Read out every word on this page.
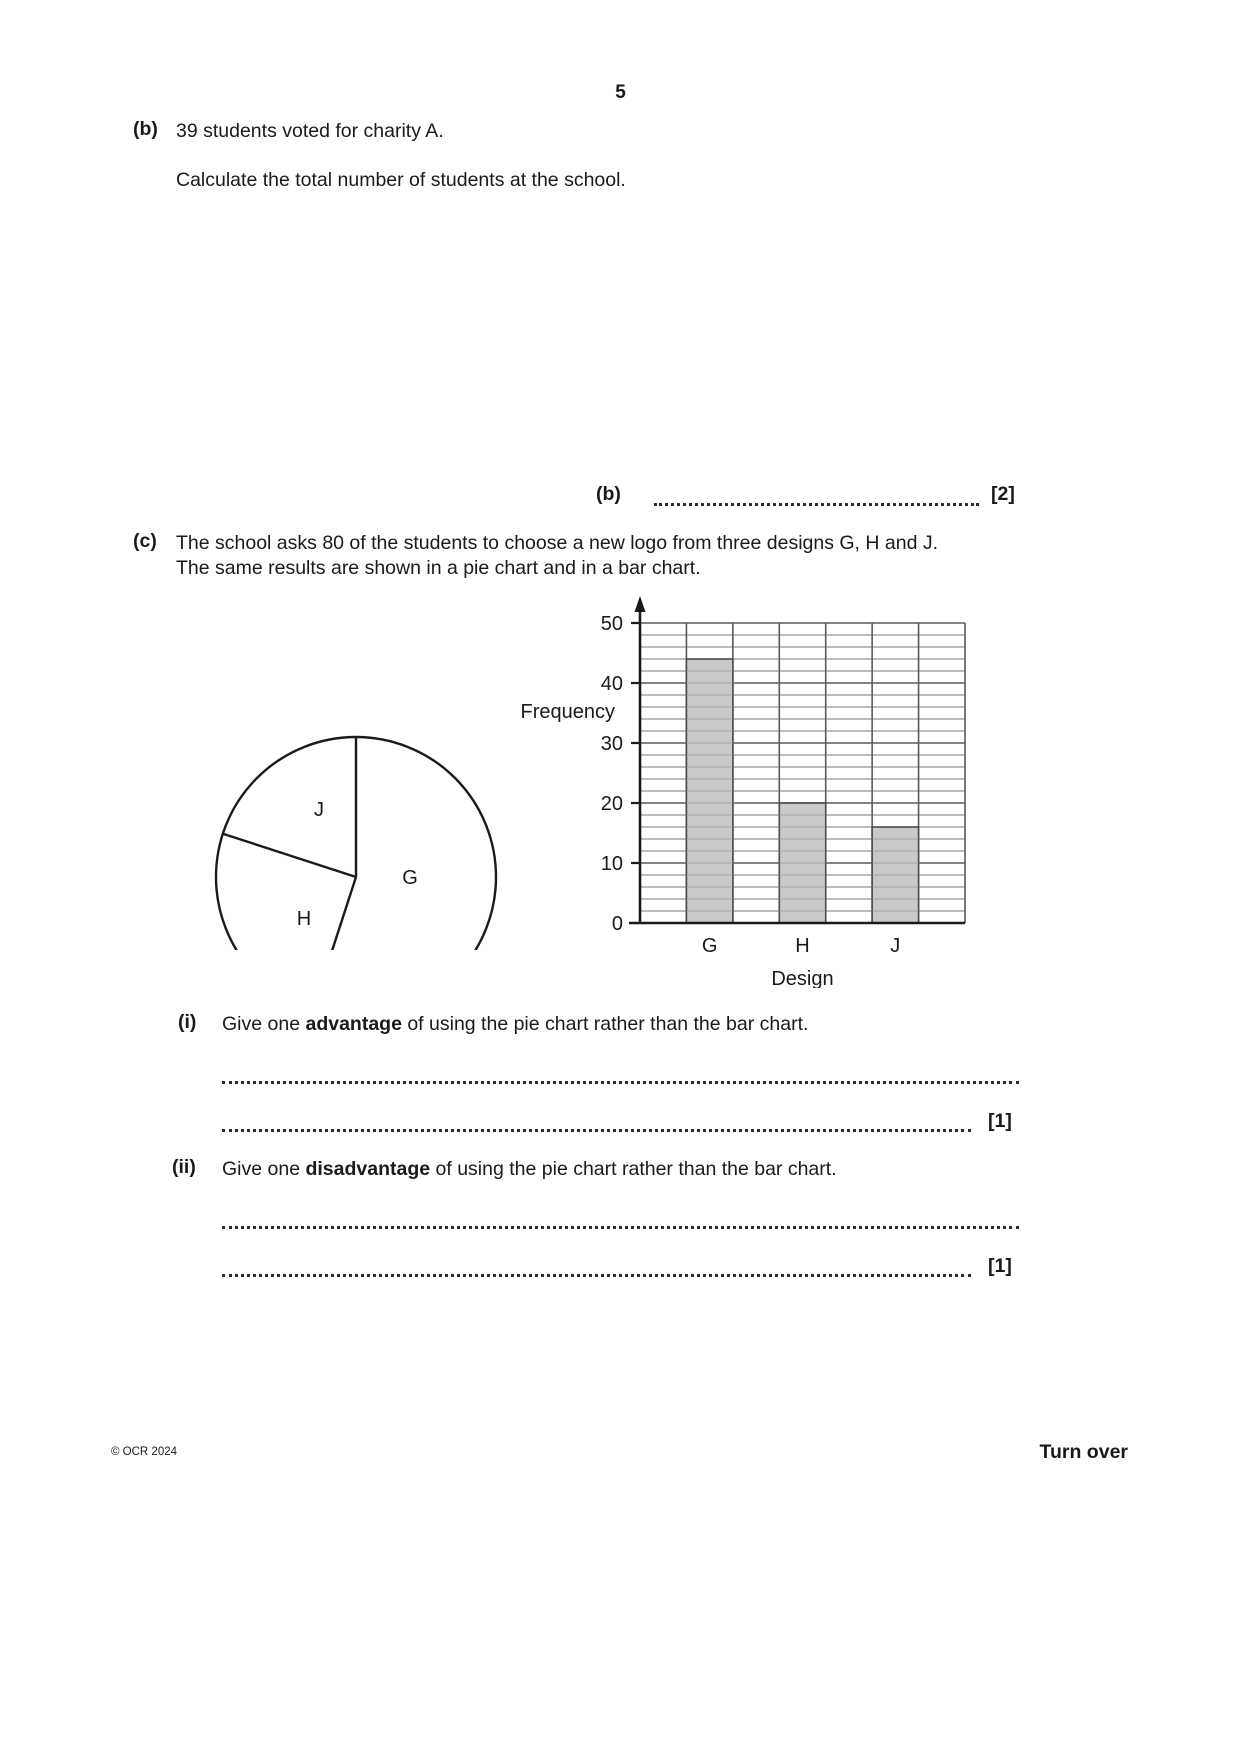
5
(b) 39 students voted for charity A.
Calculate the total number of students at the school.
(b)	[2]
(c) The school asks 80 of the students to choose a new logo from three designs G, H and J.
The same results are shown in a pie chart and in a bar chart.
G
H
J
0
10
20
30
40
50
Frequency
G	H	J
Design
(i) Give one advantage of using the pie chart rather than the bar chart.
[1]
(ii) Give one disadvantage of using the pie chart rather than the bar chart.
[1]
© OCR 2024	Turn over
